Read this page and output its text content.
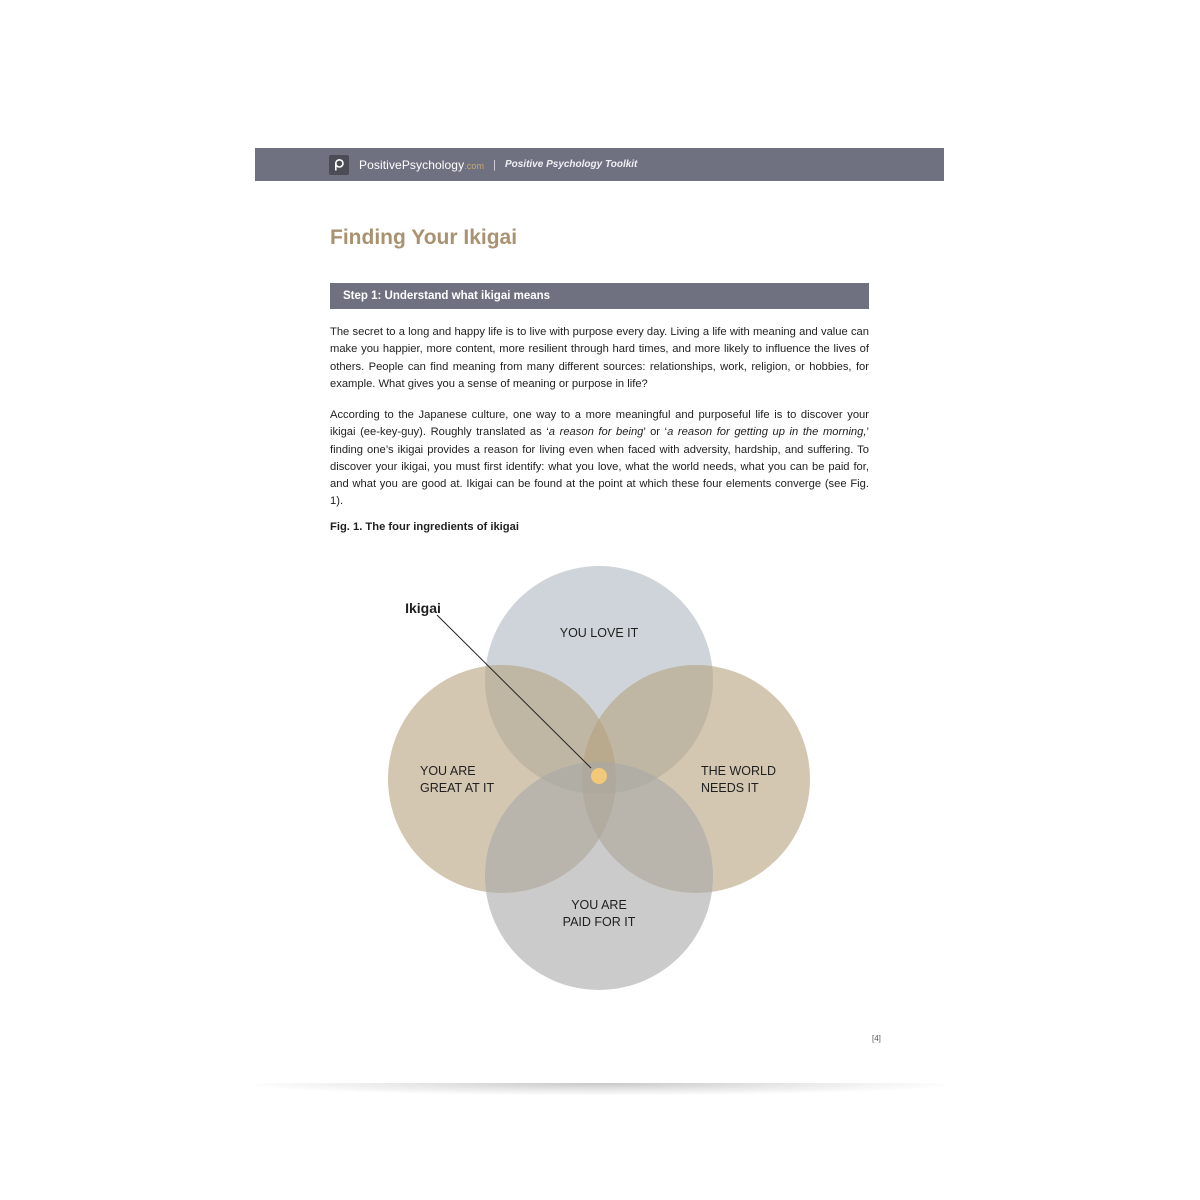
PositivePsychology.com | Positive Psychology Toolkit
Finding Your Ikigai
Step 1: Understand what ikigai means

The secret to a long and happy life is to live with purpose every day. Living a life with meaning and value can make you happier, more content, more resilient through hard times, and more likely to influence the lives of others. People can find meaning from many different sources: relationships, work, religion, or hobbies, for example. What gives you a sense of meaning or purpose in life?

According to the Japanese culture, one way to a more meaningful and purposeful life is to discover your ikigai (ee-key-guy). Roughly translated as ‘a reason for being’ or ‘a reason for getting up in the morning,’ finding one’s ikigai provides a reason for living even when faced with adversity, hardship, and suffering. To discover your ikigai, you must first identify: what you love, what the world needs, what you can be paid for, and what you are good at. Ikigai can be found at the point at which these four elements converge (see Fig. 1).

Fig. 1. The four ingredients of ikigai
Ikigai
YOU LOVE IT
YOU ARE
GREAT AT IT
THE WORLD
NEEDS IT
YOU ARE
PAID FOR IT
[4]
